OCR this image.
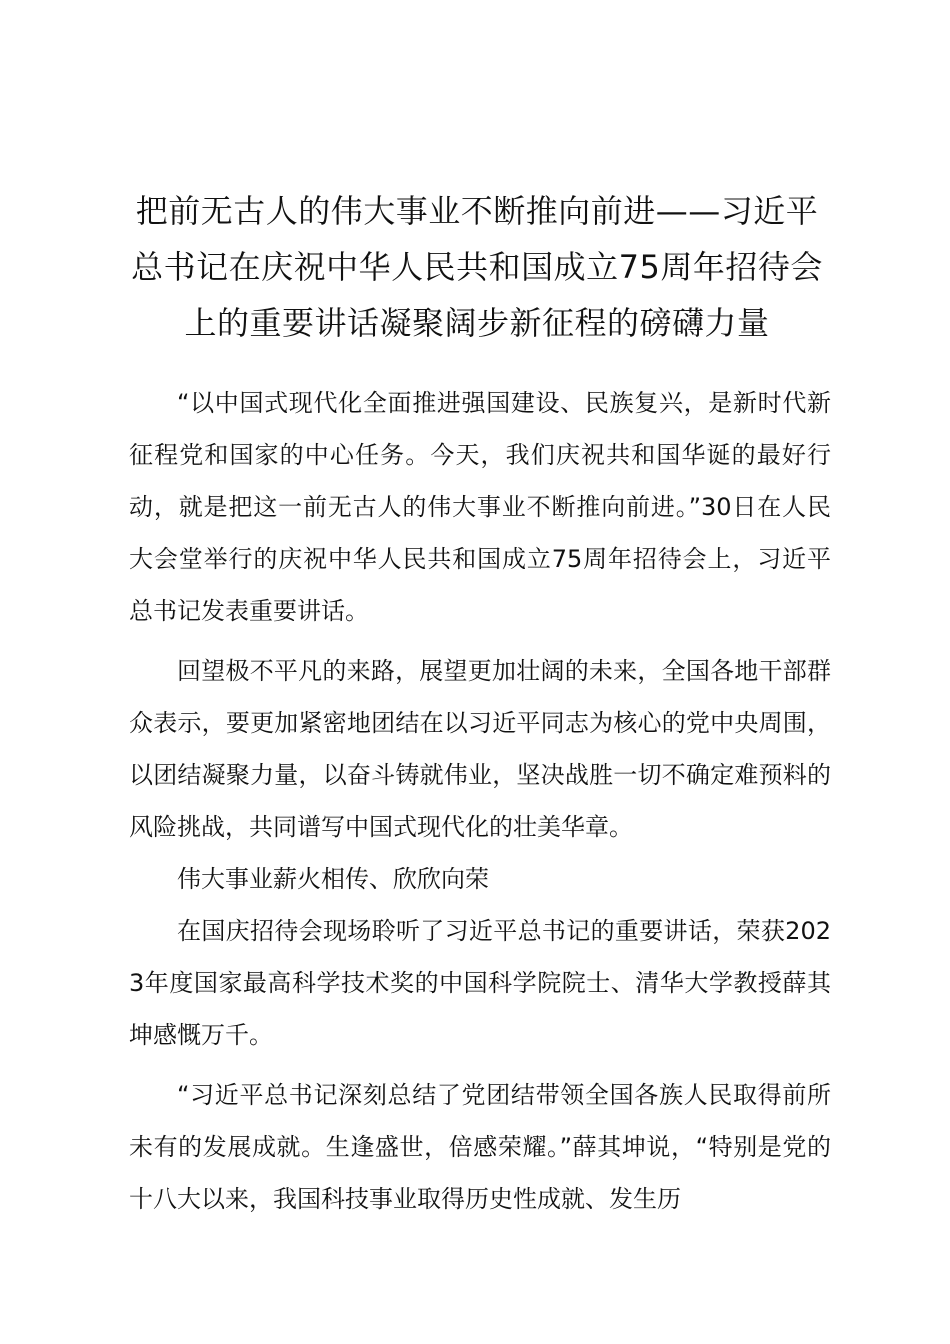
把前无古人的伟大事业不断推向前进——习近平总书记在庆祝中华人民共和国成立75周年招待会上的重要讲话凝聚阔步新征程的磅礴力量

“以中国式现代化全面推进强国建设、民族复兴，是新时代新征程党和国家的中心任务。今天，我们庆祝共和国华诞的最好行动，就是把这一前无古人的伟大事业不断推向前进。”30日在人民大会堂举行的庆祝中华人民共和国成立75周年招待会上，习近平总书记发表重要讲话。

回望极不平凡的来路，展望更加壮阔的未来，全国各地干部群众表示，要更加紧密地团结在以习近平同志为核心的党中央周围，以团结凝聚力量，以奋斗铸就伟业，坚决战胜一切不确定难预料的风险挑战，共同谱写中国式现代化的壮美华章。

伟大事业薪火相传、欣欣向荣

在国庆招待会现场聆听了习近平总书记的重要讲话，荣获2023年度国家最高科学技术奖的中国科学院院士、清华大学教授薛其坤感慨万千。

“习近平总书记深刻总结了党团结带领全国各族人民取得前所未有的发展成就。生逢盛世，倍感荣耀。”薛其坤说，“特别是党的十八大以来，我国科技事业取得历史性成就、发生历
